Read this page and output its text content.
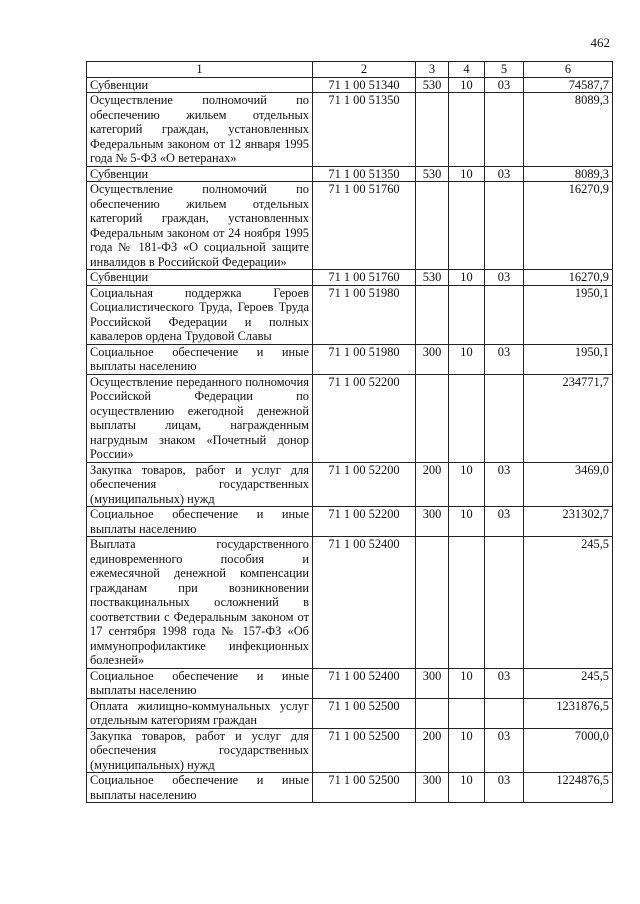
462
1	2	3	4	5	6
Субвенции	71 1 00 51340	530	10	03	74587,7
Осуществление полномочий по обеспечению жильем отдельных категорий граждан, установленных Федеральным законом от 12 января 1995 года № 5-ФЗ «О ветеранах»	71 1 00 51350				8089,3
Субвенции	71 1 00 51350	530	10	03	8089,3
Осуществление полномочий по обеспечению жильем отдельных категорий граждан, установленных Федеральным законом от 24 ноября 1995 года № 181-ФЗ «О социальной защите инвалидов в Российской Федерации»	71 1 00 51760				16270,9
Субвенции	71 1 00 51760	530	10	03	16270,9
Социальная поддержка Героев Социалистического Труда, Героев Труда Российской Федерации и полных кавалеров ордена Трудовой Славы	71 1 00 51980				1950,1
Социальное обеспечение и иные выплаты населению	71 1 00 51980	300	10	03	1950,1
Осуществление переданного полномочия Российской Федерации по осуществлению ежегодной денежной выплаты лицам, награжденным нагрудным знаком «Почетный донор России»	71 1 00 52200				234771,7
Закупка товаров, работ и услуг для обеспечения государственных (муниципальных) нужд	71 1 00 52200	200	10	03	3469,0
Социальное обеспечение и иные выплаты населению	71 1 00 52200	300	10	03	231302,7
Выплата государственного единовременного пособия и ежемесячной денежной компенсации гражданам при возникновении поствакцинальных осложнений в соответствии с Федеральным законом от 17 сентября 1998 года № 157-ФЗ «Об иммунопрофилактике инфекционных болезней»	71 1 00 52400				245,5
Социальное обеспечение и иные выплаты населению	71 1 00 52400	300	10	03	245,5
Оплата жилищно-коммунальных услуг отдельным категориям граждан	71 1 00 52500				1231876,5
Закупка товаров, работ и услуг для обеспечения государственных (муниципальных) нужд	71 1 00 52500	200	10	03	7000,0
Социальное обеспечение и иные выплаты населению	71 1 00 52500	300	10	03	1224876,5
